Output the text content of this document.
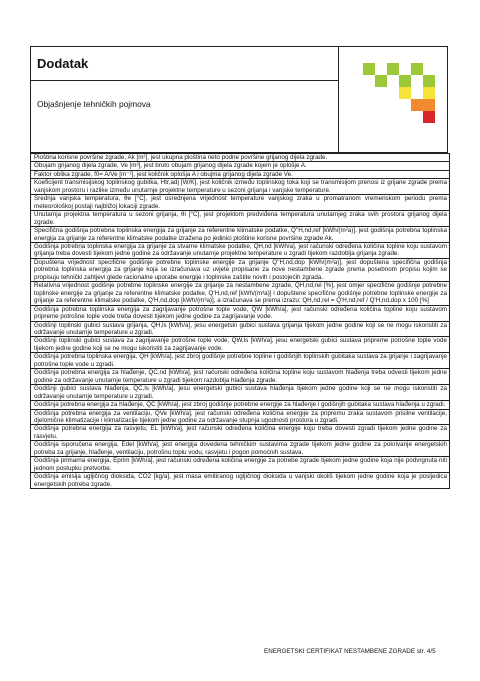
Dodatak
Objašnjenje tehničkih pojmova
Ploština korisne površine zgrade, Ak [m²], jest ukupna ploština neto podne površine grijanog dijela zgrade.
Obujam grijanog dijela zgrade, Ve [m³], jest bruto obujam grijanog dijela zgrade kojem je oplošje A.
Faktor oblika zgrade, f0= A/Ve [m⁻¹], jest količnik oplošja A i obujma grijanog dijela zgrade Ve.
Koeficijent transmisijskog toplinskog gubitka, Htr,adj [W/K], jest količnik između toplinskog toka koji se transmisijom prenosi iz grijane zgrade prema vanjskom prostoru i razlike između unutarnje projektne temperature u sezoni grijanja i vanjske temperature.
Srednja vanjska temperatura, θe [°C], jest osrednjena vrijednost temperature vanjskog zraka u promatranom vremenskom periodu prema meteorološkoj postaji najbližoj lokaciji zgrade.
Unutarnja projektna temperatura u sezoni grijanja, θi [°C], jest projektom predviđena temperatura unutarnjeg zraka svih prostora grijanog dijela zgrade.
Specifična godišnja potrebna toplinska energija za grijanje za referentne klimatske podatke, Q''H,nd,ref [kWh/(m²a)], jest godišnja potrebna toplinska energija za grijanje za referentne klimatske podatke izražena po jedinici ploštine korisne površine zgrade Ak.
Godišnja potrebna toplinska energija za grijanje za stvarne klimatske podatke, QH,nd [kWh/a], jest računski određena količina topline koju sustavom grijanja treba dovesti tijekom jedne godine za održavanje unutarnje projektne temperature u zgradi tijekom razdoblja grijanja zgrade.
Dopuštena vrijednost specifične godišnje potrebne toplinske energije za grijanje Q''H,nd,dop [kWh/(m²a)], jest dopuštena specifična godišnja potrebna toplinska energija za grijanje koja se izračunava uz uvjete propisane za nove nestambene zgrade prema posebnom propisu kojim se propisuju tehnički zahtjevi glede racionalne uporabe energije i toplinske zaštite novih i postojećih zgrada.
Relativna vrijednost godišnje potrebne toplinske energije za grijanje za nestambene zgrade, QH,nd,rel [%], jest omjer specifične godišnje potrebne toplinske energije za grijanje za referentne klimatske podatke, Q'H,nd,ref [kWh/(m³a)] i dopuštene specifične godišnje potrebne toplinske energije za grijanje za referentne klimatske podatke, Q'H,nd,dop [kWh/(m³a)], a izračunava se prema izrazu: QH,nd,rel = Q'H,nd,ref / Q'H,nd,dop x 100 [%]
Godišnja potrebna toplinska energija za zagrijavanje potrošne tople vode, QW [kWh/a], jest računski određena količina topline koju sustavom pripreme potrošne tople vode treba dovesti tijekom jedne godine za zagrijavanje vode.
Godišnji toplinski gubici sustava grijanja, QH,ls [kWh/a], jesu energetski gubici sustava grijanja tijekom jedne godine koji se ne mogu iskoristiti za održavanje unutarnje temperature u zgradi.
Godišnji toplinski gubici sustava za zagrijavanje potrošne tople vode, QW,ls [kWh/a], jesu energetski gubici sustava pripreme potrošne tople vode tijekom jedne godine koji se ne mogu iskoristiti za zagrijavanje vode.
Godišnja potrebna toplinska energija, QH [kWh/a], jest zbroj godišnje potrebne topline i godišnjih toplinskih gubitaka sustava za grijanje i zagrijavanje potrošne tople vode u zgradi.
Godišnja potrebna energija za hlađenje, QC,nd [kWh/a], jest računski određena količina topline koju sustavom hlađenja treba odvesti tijekom jedne godine za održavanje unutarnje temperature u zgradi tijekom razdoblja hlađenja zgrade.
Godišnji gubici sustava hlađenja, QC,ls [kWh/a], jesu energetski gubici sustava hlađenja tijekom jedne godine koji se ne mogu iskoristiti za održavanje unutarnje temperature u zgradi.
Godišnja potrebna energija za hlađenje, QC [kWh/a], jest zbroj godišnje potrebne energije za hlađenje i godišnjih gubitaka sustava hlađenja u zgradi.
Godišnja potrebna energija za ventilaciju, QVe [kWh/a], jest računski određena količina energije za pripremu zraka sustavom prisilne ventilacije, djelomične klimatizacije i klimatizacije tijekom jedne godine za održavanje stupnja ugodnosti prostora u zgradi.
Godišnja potrebna energija za rasvjetu, EL [kWh/a], jest računski određena količina energije koju treba dovesti zgradi tijekom jedne godine za rasvjetu.
Godišnja isporučena energija, Edel [kWh/a], jest energija dovedena tehničkim sustavima zgrade tijekom jedne godine za pokrivanje energetskih potreba za grijanje, hlađenje, ventilaciju, potrošnu toplu vodu, rasvjetu i pogon pomoćnih sustava.
Godišnja primarna energija, Eprim [kWh/a], jest računski određena količina energije za potrebe zgrade tijekom jedne godine koja nije podvrgnuta niti jednom postupku pretvorbe.
Godišnja emisija ugljičnog dioksida, CO2 [kg/a], jest masa emitiranog ugljičnog dioksida u vanjski okoliš tijekom jedne godine koja je posljedica energetskih potreba zgrade.
ENERGETSKI CERTIFIKAT NESTAMBENE ZGRADE str. 4/5
